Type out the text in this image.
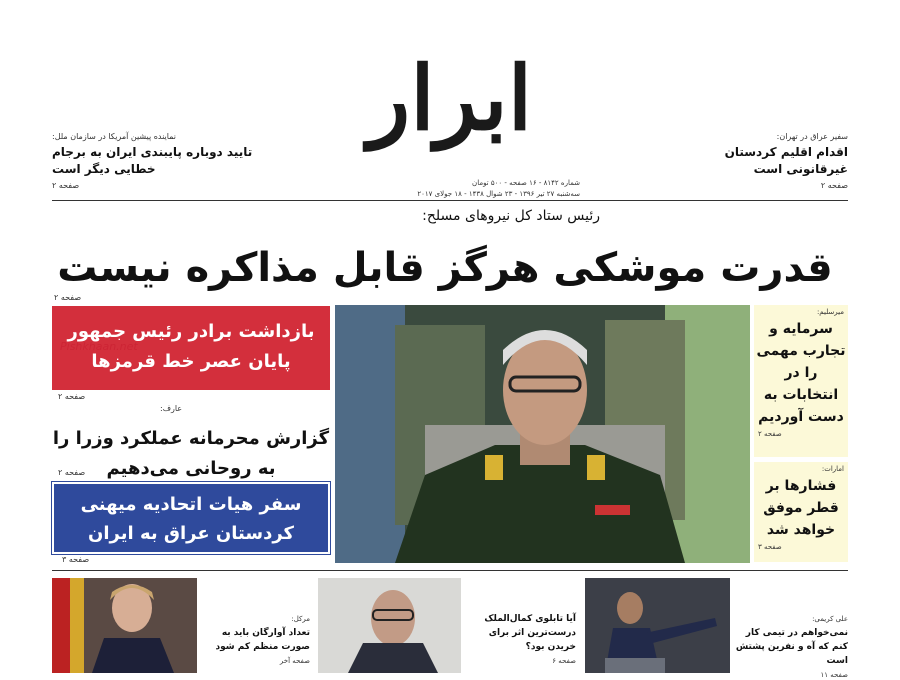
ابرار
شماره ۸۱۴۲ - ۱۶ صفحه - ۵۰۰ تومان
سه‌شنبه ۲۷ تیر ۱۳۹۶ - ۲۳ شوال ۱۴۳۸ - ۱۸ جولای ۲۰۱۷
سفیر عراق در تهران:
اقدام اقلیم کردستان غیرقانونی است
صفحه ۲
نماینده پیشین آمریکا در سازمان ملل:
تایید دوباره پایبندی ایران به برجام خطایی دیگر است
صفحه ۲
رئیس ستاد کل نیروهای مسلح:
قدرت موشکی هرگز قابل مذاکره نیست
صفحه ۲
بازداشت برادر رئیس جمهور پایان عصر خط قرمزها
صفحه ۲
Pishkhaan.net
عارف:
گزارش محرمانه عملکرد وزرا را به روحانی می‌دهیم
صفحه ۲
سفر هیات اتحادیه میهنی کردستان عراق به ایران
صفحه ۳
میرسلیم:
سرمایه و تجارب مهمی را در انتخابات به دست آوردیم
صفحه ۲
امارات:
فشارها بر قطر موفق خواهد شد
صفحه ۳
علی کریمی:
نمی‌خواهم در تیمی کار کنم که آه و نفرین پشتش است
صفحه ۱۱
آیا تابلوی کمال‌الملک درست‌ترین اثر برای خریدن بود؟
صفحه ۶
مرکل:
تعداد آوارگان باید به صورت منظم کم شود
صفحه آخر
